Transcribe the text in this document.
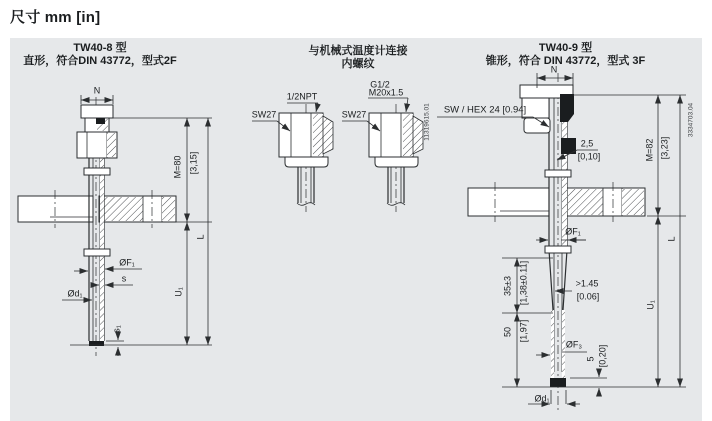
尺寸 mm [in]
TW40-8 型
直形，符合DIN 43772，型式2F
与机械式温度计连接
内螺纹
TW40-9 型
锥形，符合 DIN 43772，型式 3F
N
M=80 [3,15]
L
U₁
ØF₁
s
Ød₁
s₁
1/2NPT
SW27
G1/2
M20x1.5
SW27	11319615.01 SW / HEX 24 [0.94]	3334703.04
N
2,5
[0,10]	M=82 [3,23]
L
U₁
ØF₁
35±3 [1,38±0.11]	>1.45
[0.06]
50 [1,97]
ØF₃
5 [0,20]
Ød₁
